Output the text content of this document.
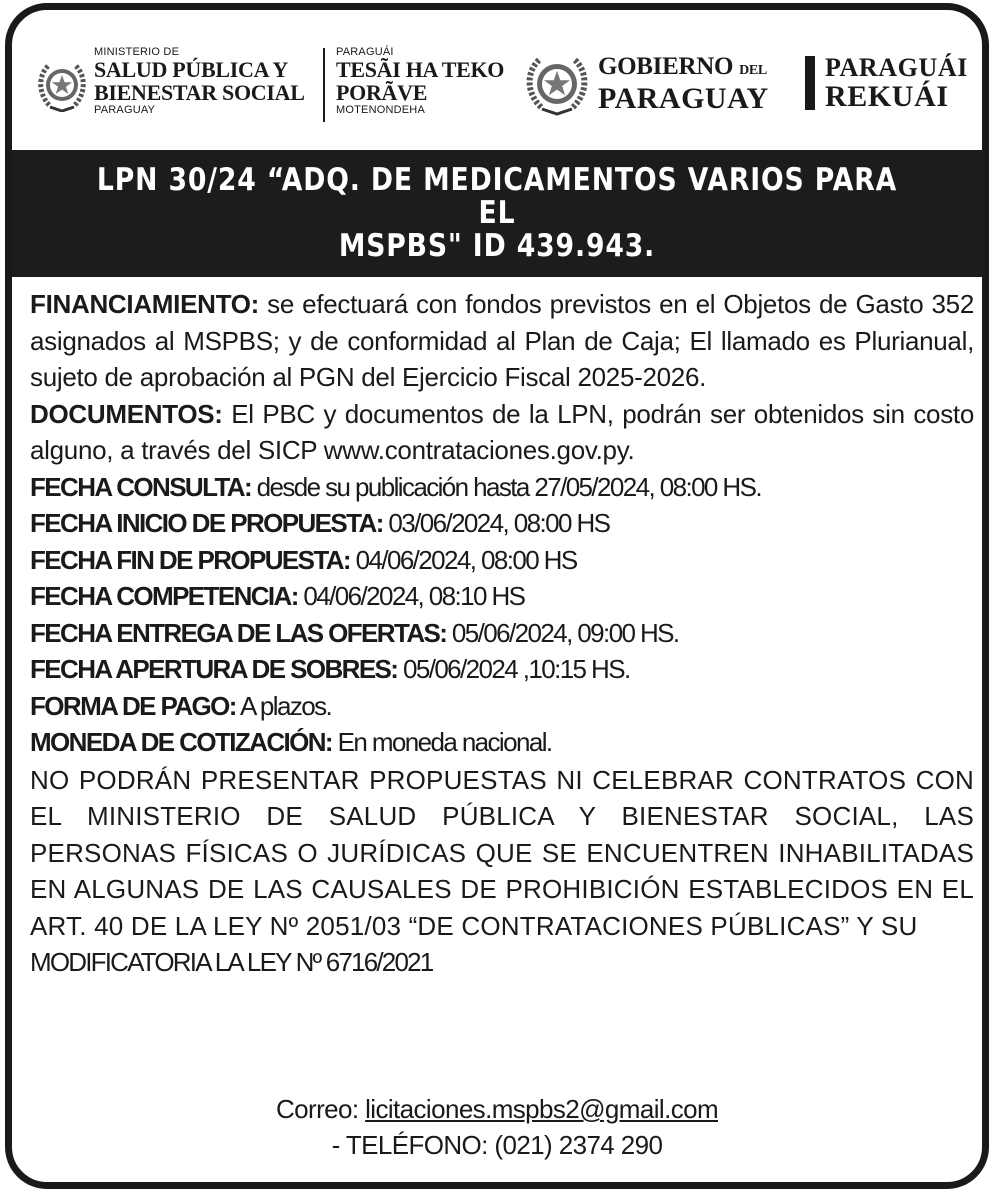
MINISTERIO DE
SALUD PÚBLICA Y
BIENESTAR SOCIAL
PARAGUAY
PARAGUÁI
TESÃI HA TEKO
PORÃVE
MOTENONDEHA
GOBIERNO DEL
PARAGUAY
PARAGUÁI
REKUÁI
LPN 30/24 “ADQ. DE MEDICAMENTOS VARIOS PARA EL
MSPBS" ID 439.943.

FINANCIAMIENTO: se efectuará con fondos previstos en el Objetos de Gasto 352 asignados al MSPBS; y de conformidad al Plan de Caja; El llamado es Plurianual, sujeto de aprobación al PGN del Ejercicio Fiscal 2025-2026.

DOCUMENTOS: El PBC y documentos de la LPN, podrán ser obtenidos sin costo alguno, a través del SICP www.contrataciones.gov.py.

FECHA CONSULTA: desde su publicación hasta 27/05/2024, 08:00 HS.
FECHA INICIO DE PROPUESTA: 03/06/2024, 08:00 HS
FECHA FIN DE PROPUESTA: 04/06/2024, 08:00 HS
FECHA COMPETENCIA: 04/06/2024, 08:10 HS
FECHA ENTREGA DE LAS OFERTAS: 05/06/2024, 09:00 HS.
FECHA APERTURA DE SOBRES: 05/06/2024 ,10:15 HS.
FORMA DE PAGO: A plazos.
MONEDA DE COTIZACIÓN: En moneda nacional.

NO PODRÁN PRESENTAR PROPUESTAS NI CELEBRAR CONTRATOS CON EL MINISTERIO DE SALUD PÚBLICA Y BIENESTAR SOCIAL, LAS PERSONAS FÍSICAS O JURÍDICAS QUE SE ENCUENTREN INHABILITADAS EN ALGUNAS DE LAS CAUSALES DE PROHIBICIÓN ESTABLECIDOS EN EL ART. 40 DE LA LEY Nº 2051/03 “DE CONTRATACIONES PÚBLICAS” Y SU

MODIFICATORIA LA LEY Nº 6716/2021
Correo: licitaciones.mspbs2@gmail.com
- TELÉFONO: (021) 2374 290
